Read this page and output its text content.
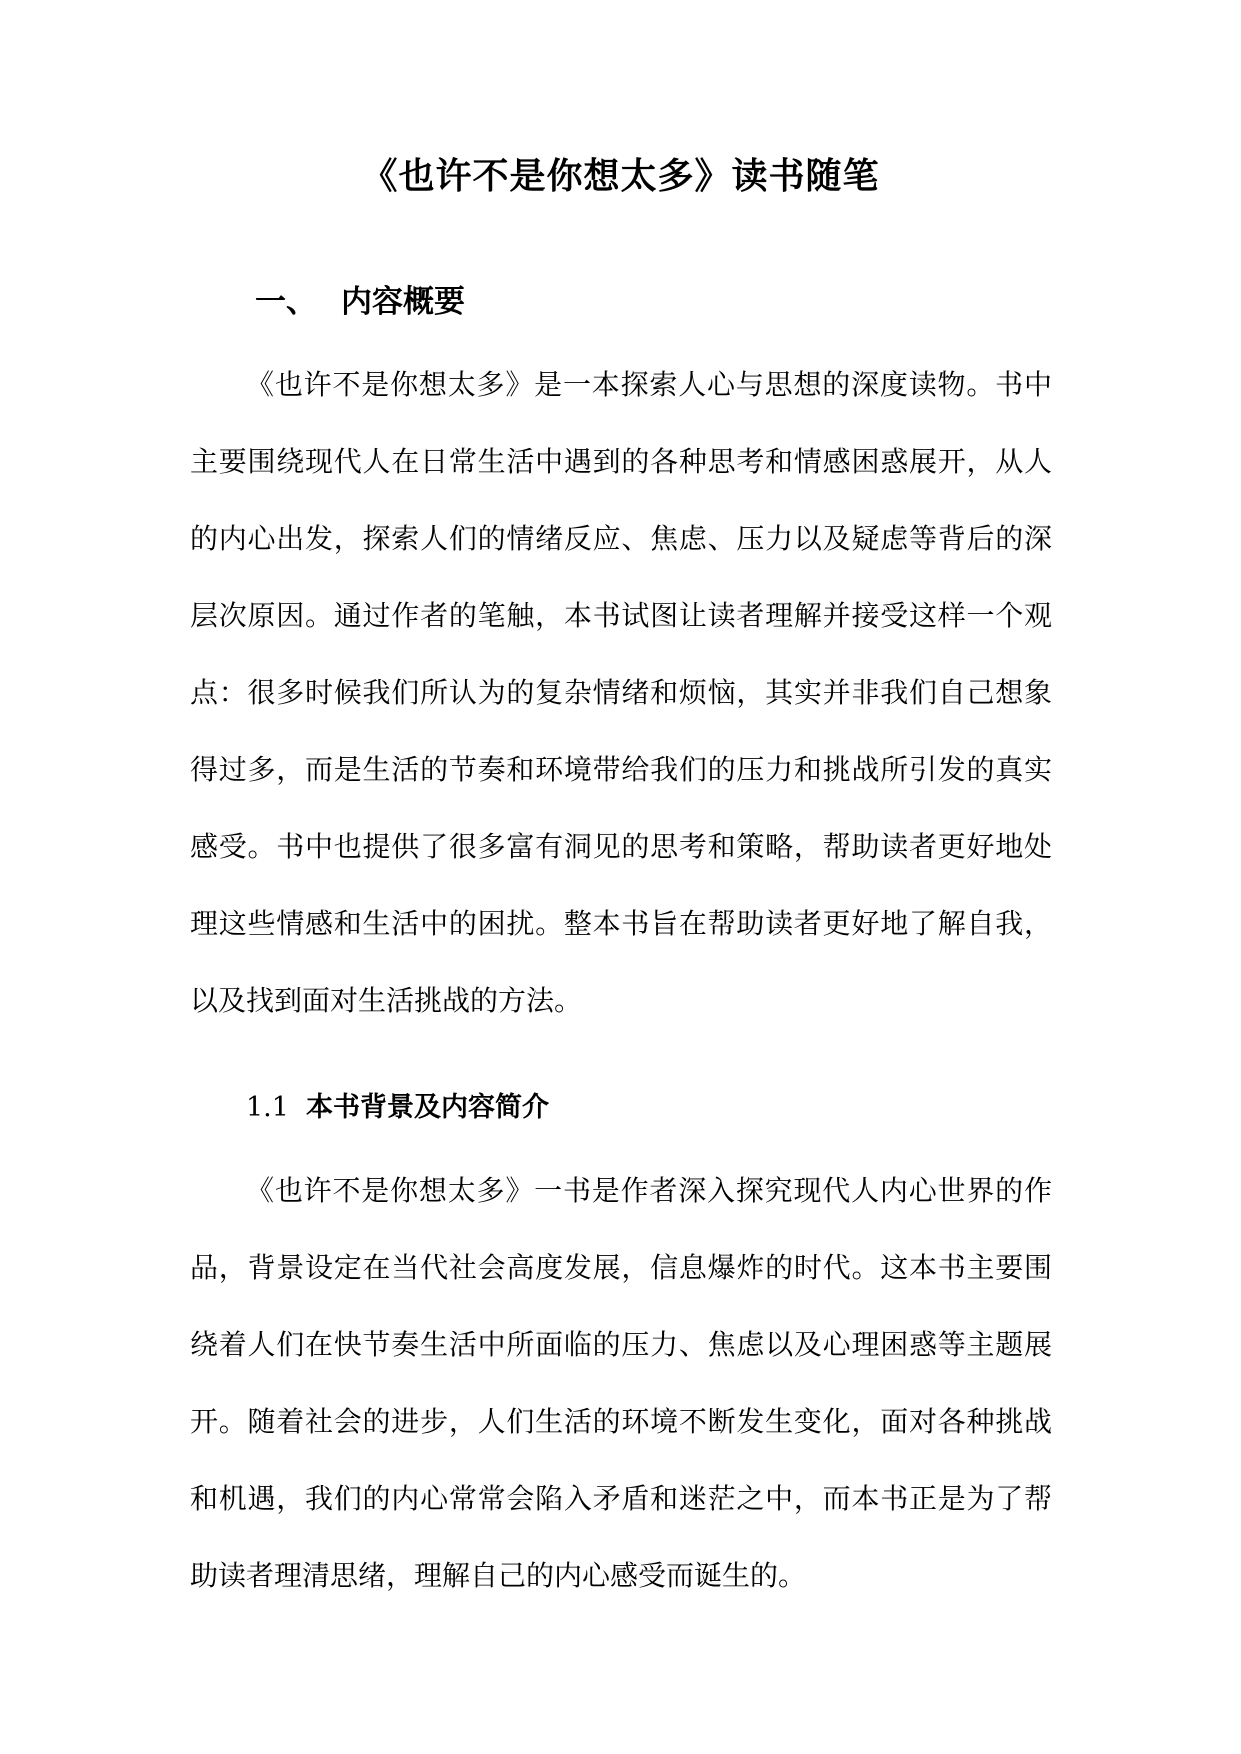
《也许不是你想太多》读书随笔
一、 内容概要
《也许不是你想太多》是一本探索人心与思想的深度读物。书中
主要围绕现代人在日常生活中遇到的各种思考和情感困惑展开，从人
的内心出发，探索人们的情绪反应、焦虑、压力以及疑虑等背后的深
层次原因。通过作者的笔触，本书试图让读者理解并接受这样一个观
点：很多时候我们所认为的复杂情绪和烦恼，其实并非我们自己想象
得过多，而是生活的节奏和环境带给我们的压力和挑战所引发的真实
感受。书中也提供了很多富有洞见的思考和策略，帮助读者更好地处
理这些情感和生活中的困扰。整本书旨在帮助读者更好地了解自我，
以及找到面对生活挑战的方法。
1.1 本书背景及内容简介
《也许不是你想太多》一书是作者深入探究现代人内心世界的作
品，背景设定在当代社会高度发展，信息爆炸的时代。这本书主要围
绕着人们在快节奏生活中所面临的压力、焦虑以及心理困惑等主题展
开。随着社会的进步，人们生活的环境不断发生变化，面对各种挑战
和机遇，我们的内心常常会陷入矛盾和迷茫之中，而本书正是为了帮
助读者理清思绪，理解自己的内心感受而诞生的。
